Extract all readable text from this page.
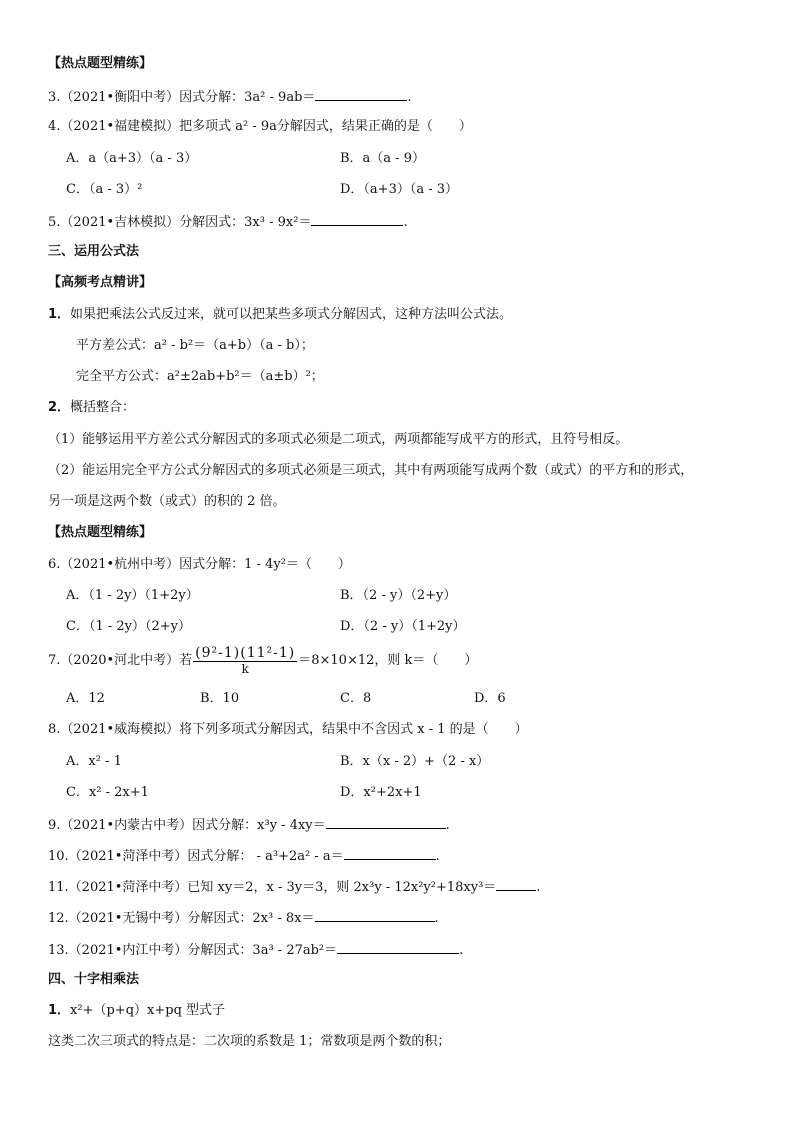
【热点题型精练】
3.（2021•衡阳中考）因式分解：3a² - 9ab＝	.
4.（2021•福建模拟）把多项式 a² - 9a分解因式，结果正确的是（　　）
A．a（a+3）（a - 3）	B．a（a - 9）
C．（a - 3）²	D．（a+3）（a - 3）
5.（2021•吉林模拟）分解因式：3x³ - 9x²＝	.
三、运用公式法
【高频考点精讲】
1．如果把乘法公式反过来，就可以把某些多项式分解因式，这种方法叫公式法。
平方差公式：a² - b²＝（a+b）（a - b）；
完全平方公式：a²±2ab+b²＝（a±b）²；
2．概括整合：
（1）能够运用平方差公式分解因式的多项式必须是二项式，两项都能写成平方的形式，且符号相反。
（2）能运用完全平方公式分解因式的多项式必须是三项式，其中有两项能写成两个数（或式）的平方和的形式，
另一项是这两个数（或式）的积的 2 倍。
【热点题型精练】
6.（2021•杭州中考）因式分解：1 - 4y²＝（　　）
A．（1 - 2y）（1+2y）	B．（2 - y）（2+y）
C．（1 - 2y）（2+y）	D．（2 - y）（1+2y）
7.（2020•河北中考）若 $\frac{\text{(9²-1)(11²-1)}}{k} =8\times 10\times 12$，则 k＝（　　）
A．12	B．10	C．8	D．6
8.（2021•威海模拟）将下列多项式分解因式，结果中不含因式 x - 1 的是（　　）
A．x² - 1	B．x（x - 2）+（2 - x）
C．x² - 2x+1	D．x²+2x+1
9.（2021•内蒙古中考）因式分解：x³y - 4xy＝	.
10.（2021•菏泽中考）因式分解： - a³+2a² - a＝	.
11.（2021•菏泽中考）已知 xy＝2，x - 3y＝3，则 2x³y - 12x²y²+18xy³＝	.
12.（2021•无锡中考）分解因式：2x³ - 8x＝	.
13.（2021•内江中考）分解因式：3a³ - 27ab²＝	.
四、十字相乘法
1．x²+（p+q）x+pq 型式子
这类二次三项式的特点是：二次项的系数是 1；常数项是两个数的积；
